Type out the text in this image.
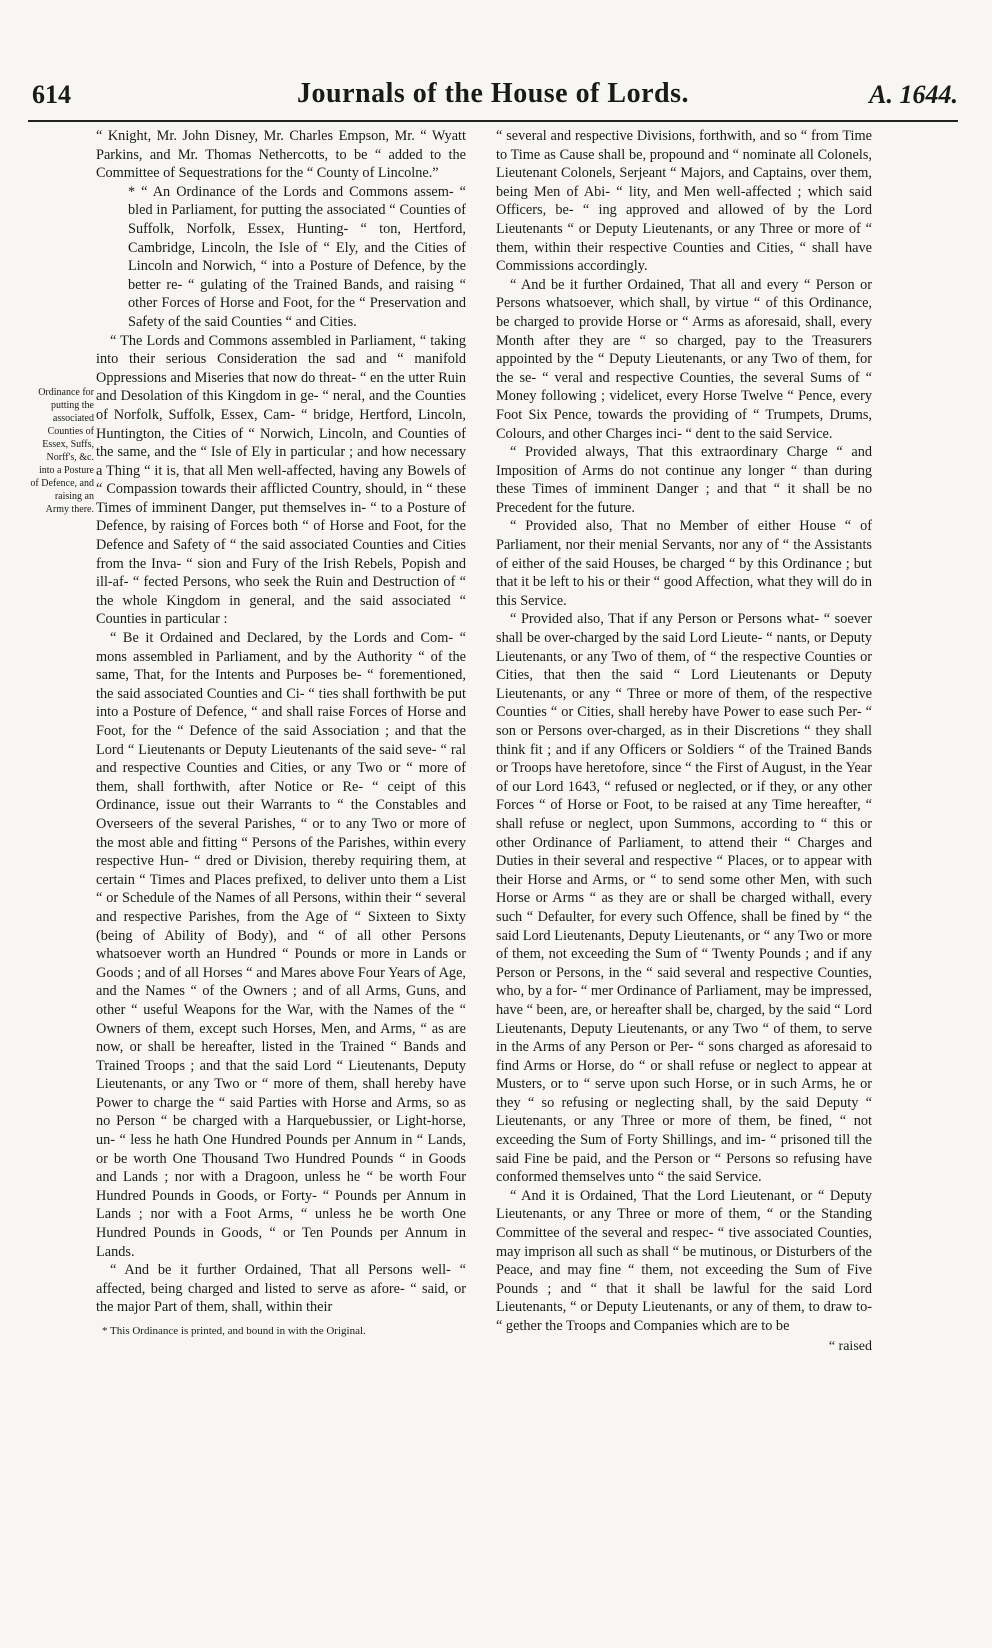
614	Journals of the House of Lords.	A. 1644.
Ordinance for putting the associated Counties of Essex, Suffs, Norff's, &c. into a Posture of Defence, and raising an Army there.

“ Knight, Mr. John Disney, Mr. Charles Empson, Mr. “ Wyatt Parkins, and Mr. Thomas Nethercotts, to be “ added to the Committee of Sequestrations for the “ County of Lincolne.”

* “ An Ordinance of the Lords and Commons assem- “ bled in Parliament, for putting the associated “ Counties of Suffolk, Norfolk, Essex, Hunting- “ ton, Hertford, Cambridge, Lincoln, the Isle of “ Ely, and the Cities of Lincoln and Norwich, “ into a Posture of Defence, by the better re- “ gulating of the Trained Bands, and raising “ other Forces of Horse and Foot, for the “ Preservation and Safety of the said Counties “ and Cities.

“ The Lords and Commons assembled in Parliament, “ taking into their serious Consideration the sad and “ manifold Oppressions and Miseries that now do threat- “ en the utter Ruin and Desolation of this Kingdom in ge- “ neral, and the Counties of Norfolk, Suffolk, Essex, Cam- “ bridge, Hertford, Lincoln, Huntington, the Cities of “ Norwich, Lincoln, and Counties of the same, and the “ Isle of Ely in particular ; and how necessary a Thing “ it is, that all Men well-affected, having any Bowels of “ Compassion towards their afflicted Country, should, in “ these Times of imminent Danger, put themselves in- “ to a Posture of Defence, by raising of Forces both “ of Horse and Foot, for the Defence and Safety of “ the said associated Counties and Cities from the Inva- “ sion and Fury of the Irish Rebels, Popish and ill-af- “ fected Persons, who seek the Ruin and Destruction of “ the whole Kingdom in general, and the said associated “ Counties in particular :

“ Be it Ordained and Declared, by the Lords and Com- “ mons assembled in Parliament, and by the Authority “ of the same, That, for the Intents and Purposes be- “ forementioned, the said associated Counties and Ci- “ ties shall forthwith be put into a Posture of Defence, “ and shall raise Forces of Horse and Foot, for the “ Defence of the said Association ; and that the Lord “ Lieutenants or Deputy Lieutenants of the said seve- “ ral and respective Counties and Cities, or any Two or “ more of them, shall forthwith, after Notice or Re- “ ceipt of this Ordinance, issue out their Warrants to “ the Constables and Overseers of the several Parishes, “ or to any Two or more of the most able and fitting “ Persons of the Parishes, within every respective Hun- “ dred or Division, thereby requiring them, at certain “ Times and Places prefixed, to deliver unto them a List “ or Schedule of the Names of all Persons, within their “ several and respective Parishes, from the Age of “ Sixteen to Sixty (being of Ability of Body), and “ of all other Persons whatsoever worth an Hundred “ Pounds or more in Lands or Goods ; and of all Horses “ and Mares above Four Years of Age, and the Names “ of the Owners ; and of all Arms, Guns, and other “ useful Weapons for the War, with the Names of the “ Owners of them, except such Horses, Men, and Arms, “ as are now, or shall be hereafter, listed in the Trained “ Bands and Trained Troops ; and that the said Lord “ Lieutenants, Deputy Lieutenants, or any Two or “ more of them, shall hereby have Power to charge the “ said Parties with Horse and Arms, so as no Person “ be charged with a Harquebussier, or Light-horse, un- “ less he hath One Hundred Pounds per Annum in “ Lands, or be worth One Thousand Two Hundred Pounds “ in Goods and Lands ; nor with a Dragoon, unless he “ be worth Four Hundred Pounds in Goods, or Forty- “ Pounds per Annum in Lands ; nor with a Foot Arms, “ unless he be worth One Hundred Pounds in Goods, “ or Ten Pounds per Annum in Lands.

“ And be it further Ordained, That all Persons well- “ affected, being charged and listed to serve as afore- “ said, or the major Part of them, shall, within their

* This Ordinance is printed, and bound in with the Original.

“ several and respective Divisions, forthwith, and so “ from Time to Time as Cause shall be, propound and “ nominate all Colonels, Lieutenant Colonels, Serjeant “ Majors, and Captains, over them, being Men of Abi- “ lity, and Men well-affected ; which said Officers, be- “ ing approved and allowed of by the Lord Lieutenants “ or Deputy Lieutenants, or any Three or more of “ them, within their respective Counties and Cities, “ shall have Commissions accordingly.

“ And be it further Ordained, That all and every “ Person or Persons whatsoever, which shall, by virtue “ of this Ordinance, be charged to provide Horse or “ Arms as aforesaid, shall, every Month after they are “ so charged, pay to the Treasurers appointed by the “ Deputy Lieutenants, or any Two of them, for the se- “ veral and respective Counties, the several Sums of “ Money following ; videlicet, every Horse Twelve “ Pence, every Foot Six Pence, towards the providing of “ Trumpets, Drums, Colours, and other Charges inci- “ dent to the said Service.

“ Provided always, That this extraordinary Charge “ and Imposition of Arms do not continue any longer “ than during these Times of imminent Danger ; and that “ it shall be no Precedent for the future.

“ Provided also, That no Member of either House “ of Parliament, nor their menial Servants, nor any of “ the Assistants of either of the said Houses, be charged “ by this Ordinance ; but that it be left to his or their “ good Affection, what they will do in this Service.

“ Provided also, That if any Person or Persons what- “ soever shall be over-charged by the said Lord Lieute- “ nants, or Deputy Lieutenants, or any Two of them, of “ the respective Counties or Cities, that then the said “ Lord Lieutenants or Deputy Lieutenants, or any “ Three or more of them, of the respective Counties “ or Cities, shall hereby have Power to ease such Per- “ son or Persons over-charged, as in their Discretions “ they shall think fit ; and if any Officers or Soldiers “ of the Trained Bands or Troops have heretofore, since “ the First of August, in the Year of our Lord 1643, “ refused or neglected, or if they, or any other Forces “ of Horse or Foot, to be raised at any Time hereafter, “ shall refuse or neglect, upon Summons, according to “ this or other Ordinance of Parliament, to attend their “ Charges and Duties in their several and respective “ Places, or to appear with their Horse and Arms, or “ to send some other Men, with such Horse or Arms “ as they are or shall be charged withall, every such “ Defaulter, for every such Offence, shall be fined by “ the said Lord Lieutenants, Deputy Lieutenants, or “ any Two or more of them, not exceeding the Sum of “ Twenty Pounds ; and if any Person or Persons, in the “ said several and respective Counties, who, by a for- “ mer Ordinance of Parliament, may be impressed, have “ been, are, or hereafter shall be, charged, by the said “ Lord Lieutenants, Deputy Lieutenants, or any Two “ of them, to serve in the Arms of any Person or Per- “ sons charged as aforesaid to find Arms or Horse, do “ or shall refuse or neglect to appear at Musters, or to “ serve upon such Horse, or in such Arms, he or they “ so refusing or neglecting shall, by the said Deputy “ Lieutenants, or any Three or more of them, be fined, “ not exceeding the Sum of Forty Shillings, and im- “ prisoned till the said Fine be paid, and the Person or “ Persons so refusing have conformed themselves unto “ the said Service.

“ And it is Ordained, That the Lord Lieutenant, or “ Deputy Lieutenants, or any Three or more of them, “ or the Standing Committee of the several and respec- “ tive associated Counties, may imprison all such as shall “ be mutinous, or Disturbers of the Peace, and may fine “ them, not exceeding the Sum of Five Pounds ; and “ that it shall be lawful for the said Lord Lieutenants, “ or Deputy Lieutenants, or any of them, to draw to- “ gether the Troops and Companies which are to be

“ raised
